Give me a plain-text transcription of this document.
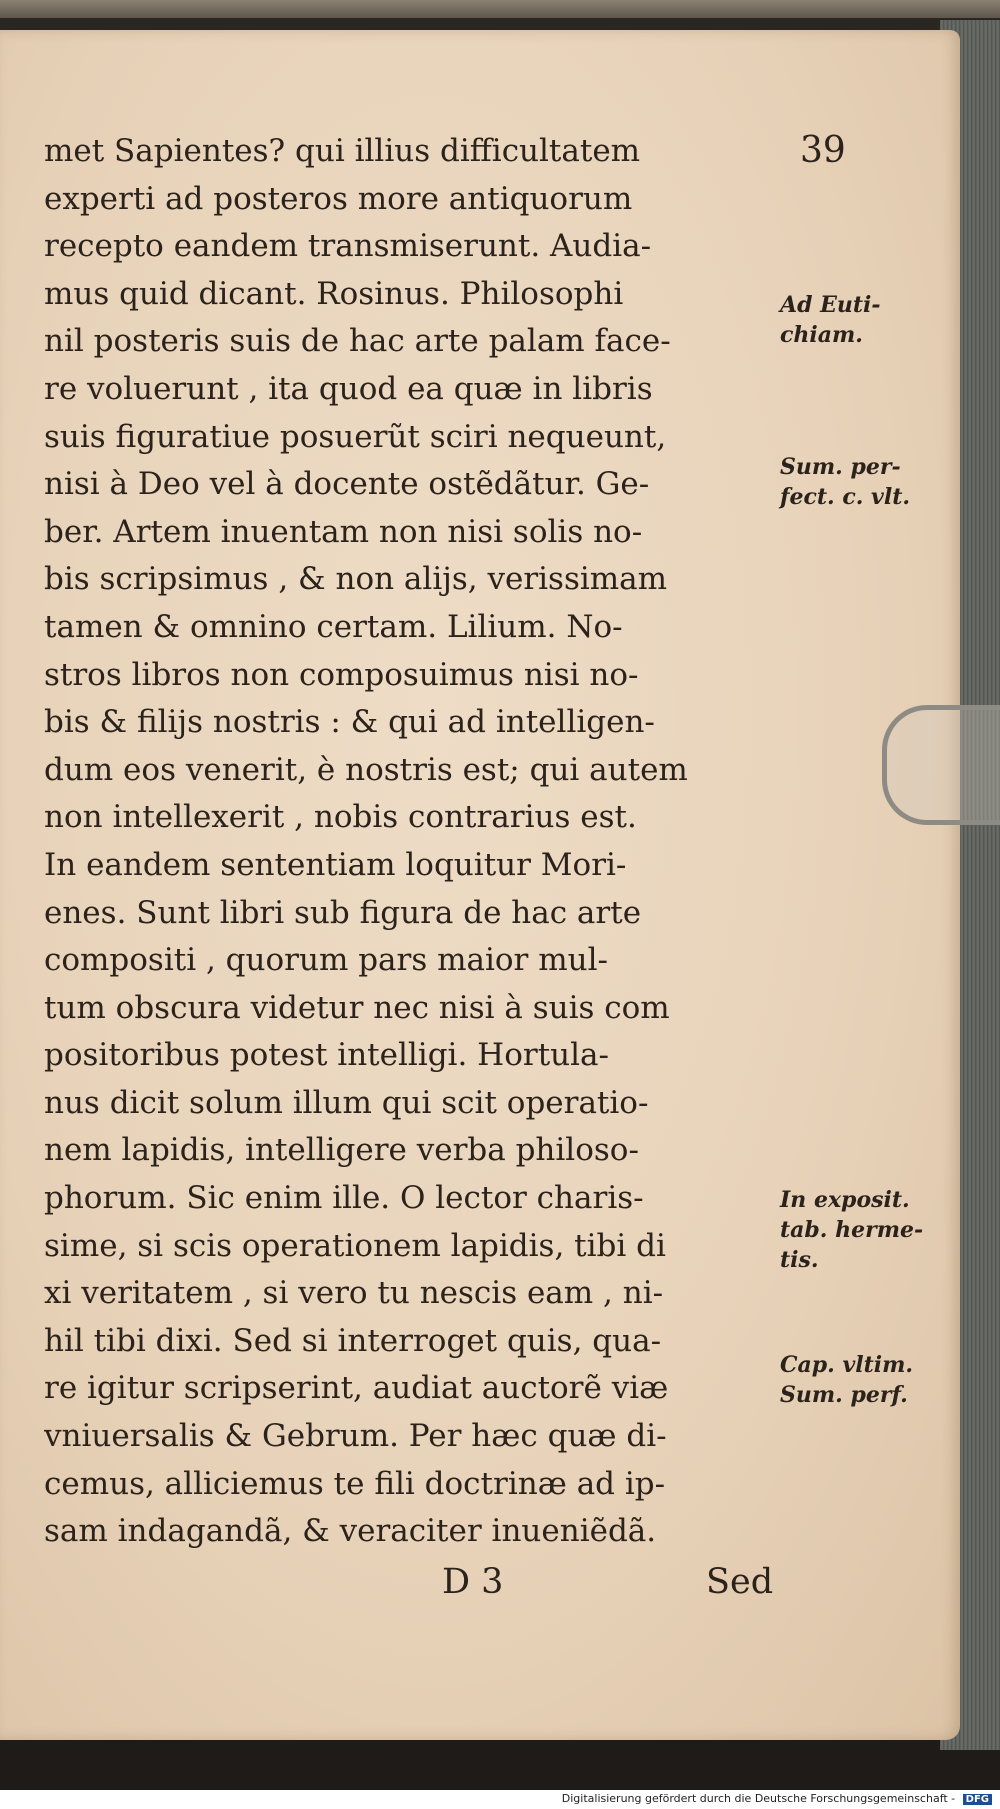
39
met Sapientes? qui illius difficultatem
experti ad posteros more antiquorum
recepto eandem transmiserunt. Audia-
mus quid dicant. Rosinus. Philosophi
nil posteris suis de hac arte palam face-
re voluerunt , ita quod ea quæ in libris
suis figuratiue posuerũt sciri nequeunt,
nisi à Deo vel à docente ostẽdãtur. Ge-
ber. Artem inuentam non nisi solis no-
bis scripsimus , & non alijs, verissimam
tamen & omnino certam. Lilium. No-
stros libros non composuimus nisi no-
bis & filijs nostris : & qui ad intelligen-
dum eos venerit, è nostris est; qui autem
non intellexerit , nobis contrarius est.
In eandem sententiam loquitur Mori-
enes. Sunt libri sub figura de hac arte
compositi , quorum pars maior mul-
tum obscura videtur nec nisi à suis com
positoribus potest intelligi. Hortula-
nus dicit solum illum qui scit operatio-
nem lapidis, intelligere verba philoso-
phorum. Sic enim ille. O lector charis-
sime, si scis operationem lapidis, tibi di
xi veritatem , si vero tu nescis eam , ni-
hil tibi dixi. Sed si interroget quis, qua-
re igitur scripserint, audiat auctorẽ viæ
vniuersalis & Gebrum. Per hæc quæ di-
cemus, alliciemus te fili doctrinæ ad ip-
sam indagandã, & veraciter inueniẽdã.
Ad Euti-
chiam.
Sum. per-
fect. c. vlt.
In exposit.
tab. herme-
tis.
Cap. vltim.
Sum. perf.
D 3	Sed
Digitalisierung gefördert durch die Deutsche Forschungsgemeinschaft - DFG
